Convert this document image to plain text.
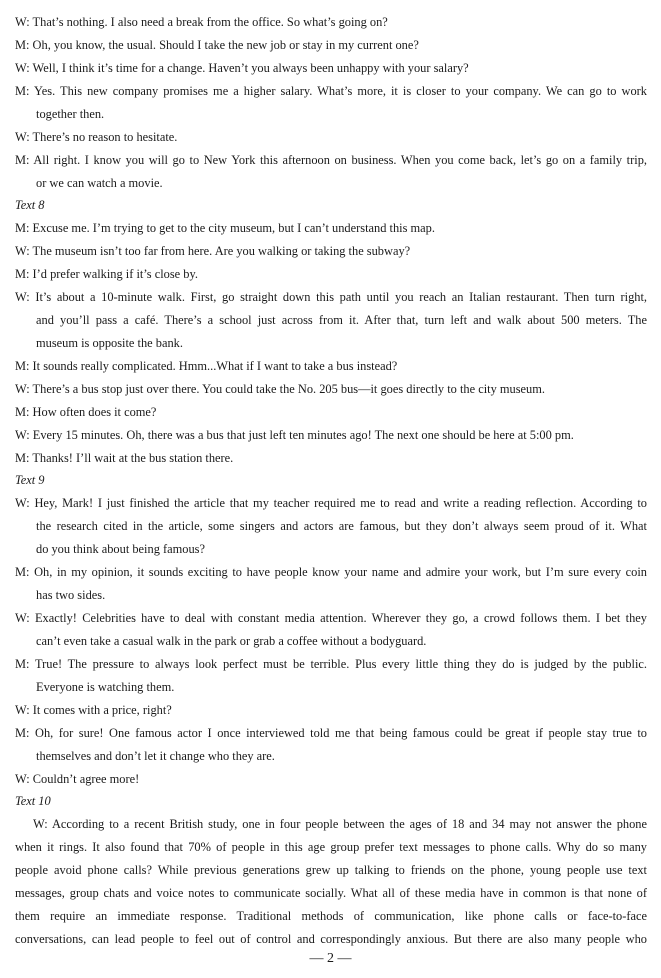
— 2 —
W: That’s nothing. I also need a break from the office. So what’s going on?
M: Oh, you know, the usual. Should I take the new job or stay in my current one?
W: Well, I think it’s time for a change. Haven’t you always been unhappy with your salary?
M: Yes. This new company promises me a higher salary. What’s more, it is closer to your company. We can go to work
together then.
W: There’s no reason to hesitate.
M: All right. I know you will go to New York this afternoon on business. When you come back, let’s go on a family trip,
or we can watch a movie.
Text 8
M: Excuse me. I’m trying to get to the city museum, but I can’t understand this map.
W: The museum isn’t too far from here. Are you walking or taking the subway?
M: I’d prefer walking if it’s close by.
W: It’s about a 10-minute walk. First, go straight down this path until you reach an Italian restaurant. Then turn right,
and you’ll pass a café. There’s a school just across from it. After that, turn left and walk about 500 meters. The
museum is opposite the bank.
M: It sounds really complicated. Hmm...What if I want to take a bus instead?
W: There’s a bus stop just over there. You could take the No. 205 bus—it goes directly to the city museum.
M: How often does it come?
W: Every 15 minutes. Oh, there was a bus that just left ten minutes ago! The next one should be here at 5:00 pm.
M: Thanks! I’ll wait at the bus station there.
Text 9
W: Hey, Mark! I just finished the article that my teacher required me to read and write a reading reflection. According to
the research cited in the article, some singers and actors are famous, but they don’t always seem proud of it. What
do you think about being famous?
M: Oh, in my opinion, it sounds exciting to have people know your name and admire your work, but I’m sure every coin
has two sides.
W: Exactly! Celebrities have to deal with constant media attention. Wherever they go, a crowd follows them. I bet they
can’t even take a casual walk in the park or grab a coffee without a bodyguard.
M: True! The pressure to always look perfect must be terrible. Plus every little thing they do is judged by the public.
Everyone is watching them.
W: It comes with a price, right?
M: Oh, for sure! One famous actor I once interviewed told me that being famous could be great if people stay true to
themselves and don’t let it change who they are.
W: Couldn’t agree more!
Text 10
W: According to a recent British study, one in four people between the ages of 18 and 34 may not answer the phone
when it rings. It also found that 70% of people in this age group prefer text messages to phone calls. Why do so many
people avoid phone calls? While previous generations grew up talking to friends on the phone, young people use text
messages, group chats and voice notes to communicate socially. What all of these media have in common is that none of
them require an immediate response. Traditional methods of communication, like phone calls or face-to-face
conversations, can lead people to feel out of control and correspondingly anxious. But there are also many people who
